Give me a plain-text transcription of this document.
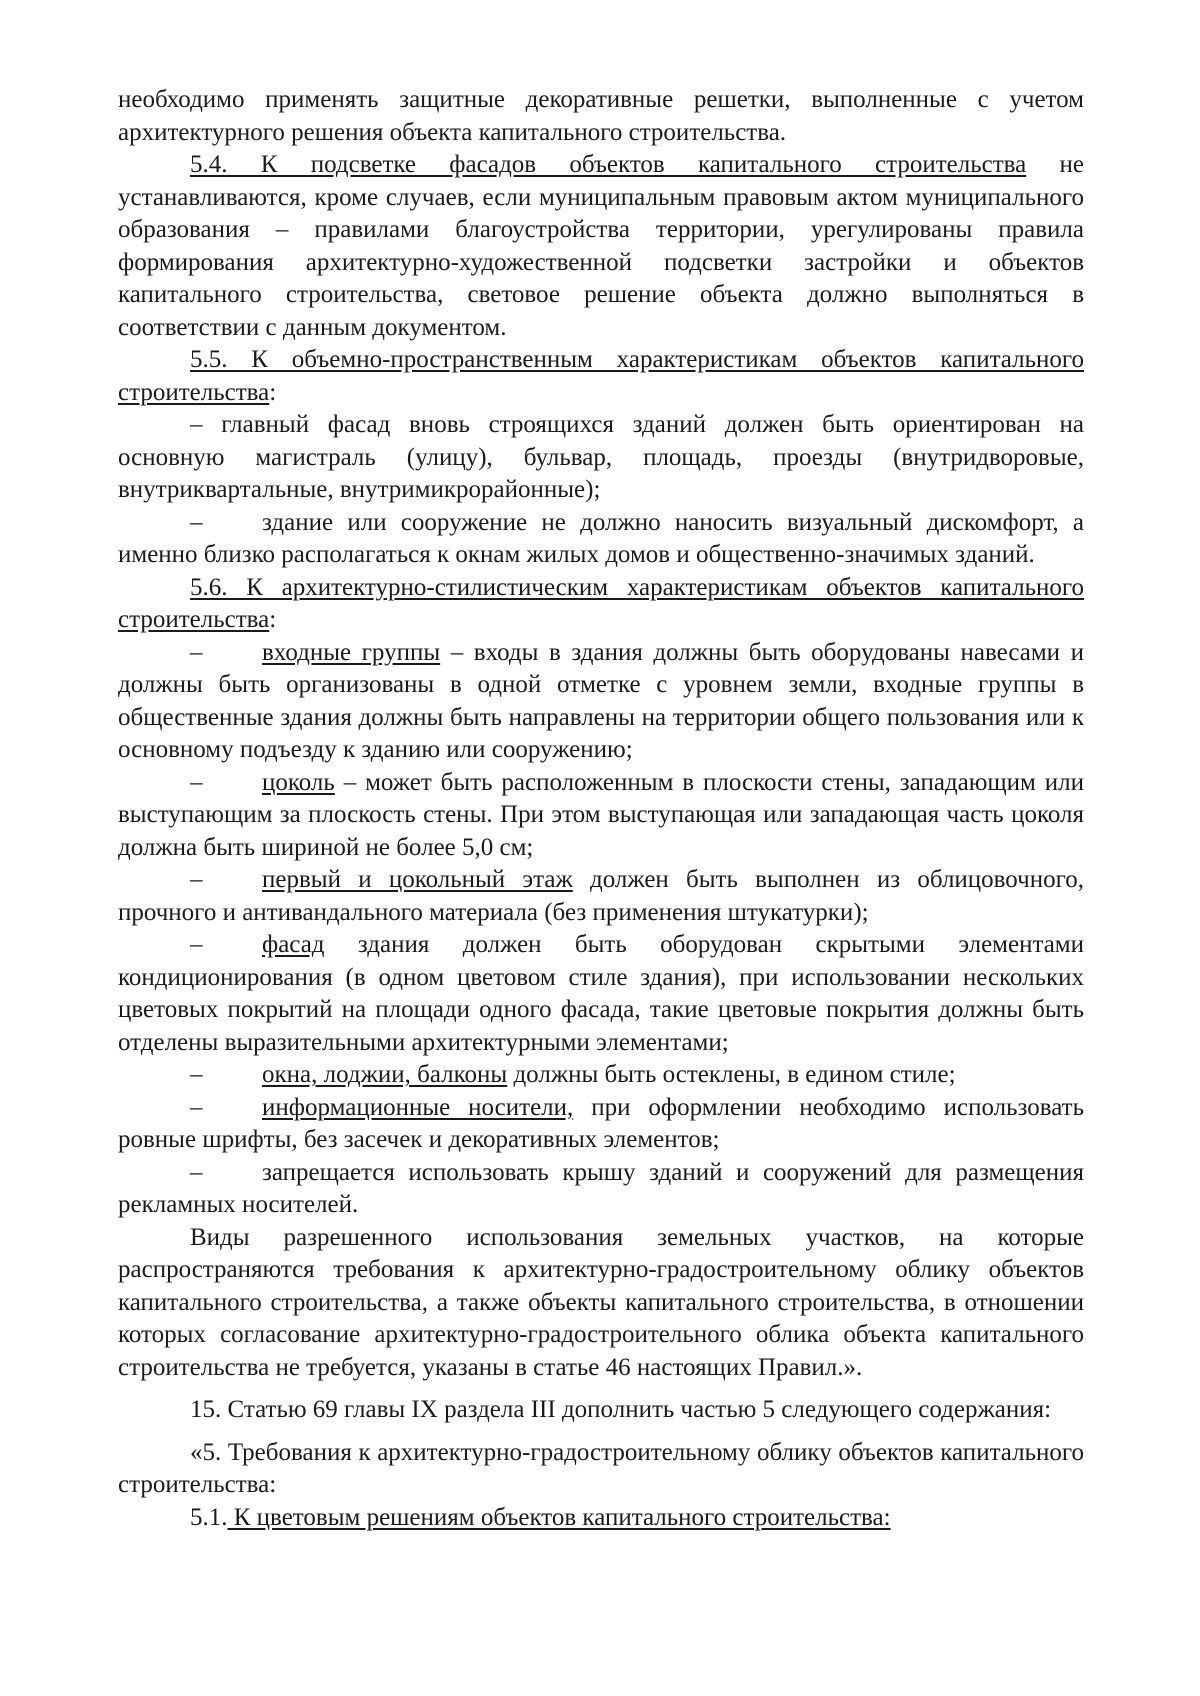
необходимо применять защитные декоративные решетки, выполненные с учетом архитектурного решения объекта капитального строительства.

5.4. К подсветке фасадов объектов капитального строительства не устанавливаются, кроме случаев, если муниципальным правовым актом муниципального образования – правилами благоустройства территории, урегулированы правила формирования архитектурно-художественной подсветки застройки и объектов капитального строительства, световое решение объекта должно выполняться в соответствии с данным документом.

5.5. К объемно-пространственным характеристикам объектов капитального строительства:

– главный фасад вновь строящихся зданий должен быть ориентирован на основную магистраль (улицу), бульвар, площадь, проезды (внутридворовые, внутриквартальные, внутримикрорайонные);

– здание или сооружение не должно наносить визуальный дискомфорт, а именно близко располагаться к окнам жилых домов и общественно-значимых зданий.

5.6. К архитектурно-стилистическим характеристикам объектов капитального строительства:

– входные группы – входы в здания должны быть оборудованы навесами и должны быть организованы в одной отметке с уровнем земли, входные группы в общественные здания должны быть направлены на территории общего пользования или к основному подъезду к зданию или сооружению;

– цоколь – может быть расположенным в плоскости стены, западающим или выступающим за плоскость стены. При этом выступающая или западающая часть цоколя должна быть шириной не более 5,0 см;

– первый и цокольный этаж должен быть выполнен из облицовочного, прочного и антивандального материала (без применения штукатурки);

– фасад здания должен быть оборудован скрытыми элементами кондиционирования (в одном цветовом стиле здания), при использовании нескольких цветовых покрытий на площади одного фасада, такие цветовые покрытия должны быть отделены выразительными архитектурными элементами;

– окна, лоджии, балконы должны быть остеклены, в едином стиле;

– информационные носители, при оформлении необходимо использовать ровные шрифты, без засечек и декоративных элементов;

– запрещается использовать крышу зданий и сооружений для размещения рекламных носителей.

Виды разрешенного использования земельных участков, на которые распространяются требования к архитектурно-градостроительному облику объектов капитального строительства, а также объекты капитального строительства, в отношении которых согласование архитектурно-градостроительного облика объекта капитального строительства не требуется, указаны в статье 46 настоящих Правил.».

15. Статью 69 главы IX раздела III дополнить частью 5 следующего содержания:

«5. Требования к архитектурно-градостроительному облику объектов капитального строительства:

5.1. К цветовым решениям объектов капитального строительства:
